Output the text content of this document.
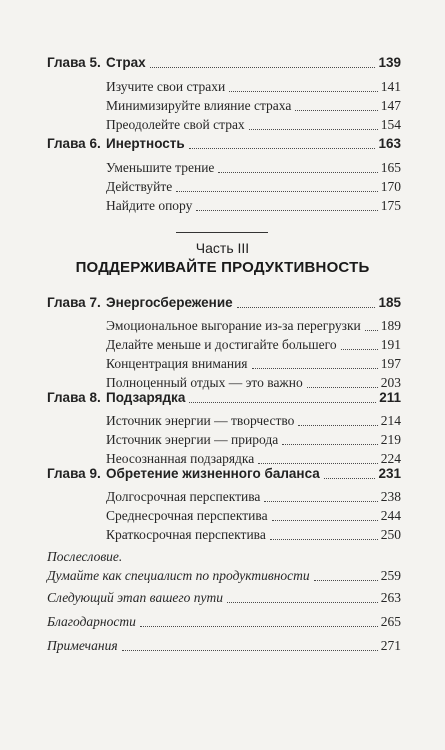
Глава 5. Страх	139
Изучите свои страхи	141
Минимизируйте влияние страха	147
Преодолейте свой страх	154
Глава 6. Инертность	163
Уменьшите трение	165
Действуйте	170
Найдите опору	175
Часть III
ПОДДЕРЖИВАЙТЕ ПРОДУКТИВНОСТЬ
Глава 7. Энергосбережение	185
Эмоциональное выгорание из-за перегрузки 189
Делайте меньше и достигайте большего	191
Концентрация внимания	197
Полноценный отдых — это важно	203
Глава 8. Подзарядка	211
Источник энергии — творчество	214
Источник энергии — природа	219
Неосознанная подзарядка	224
Глава 9. Обретение жизненного баланса	231
Долгосрочная перспектива	238
Среднесрочная перспектива	244
Краткосрочная перспектива	250
Послесловие.
Думайте как специалист по продуктивности	259
Следующий этап вашего пути	263
Благодарности	265
Примечания	271
